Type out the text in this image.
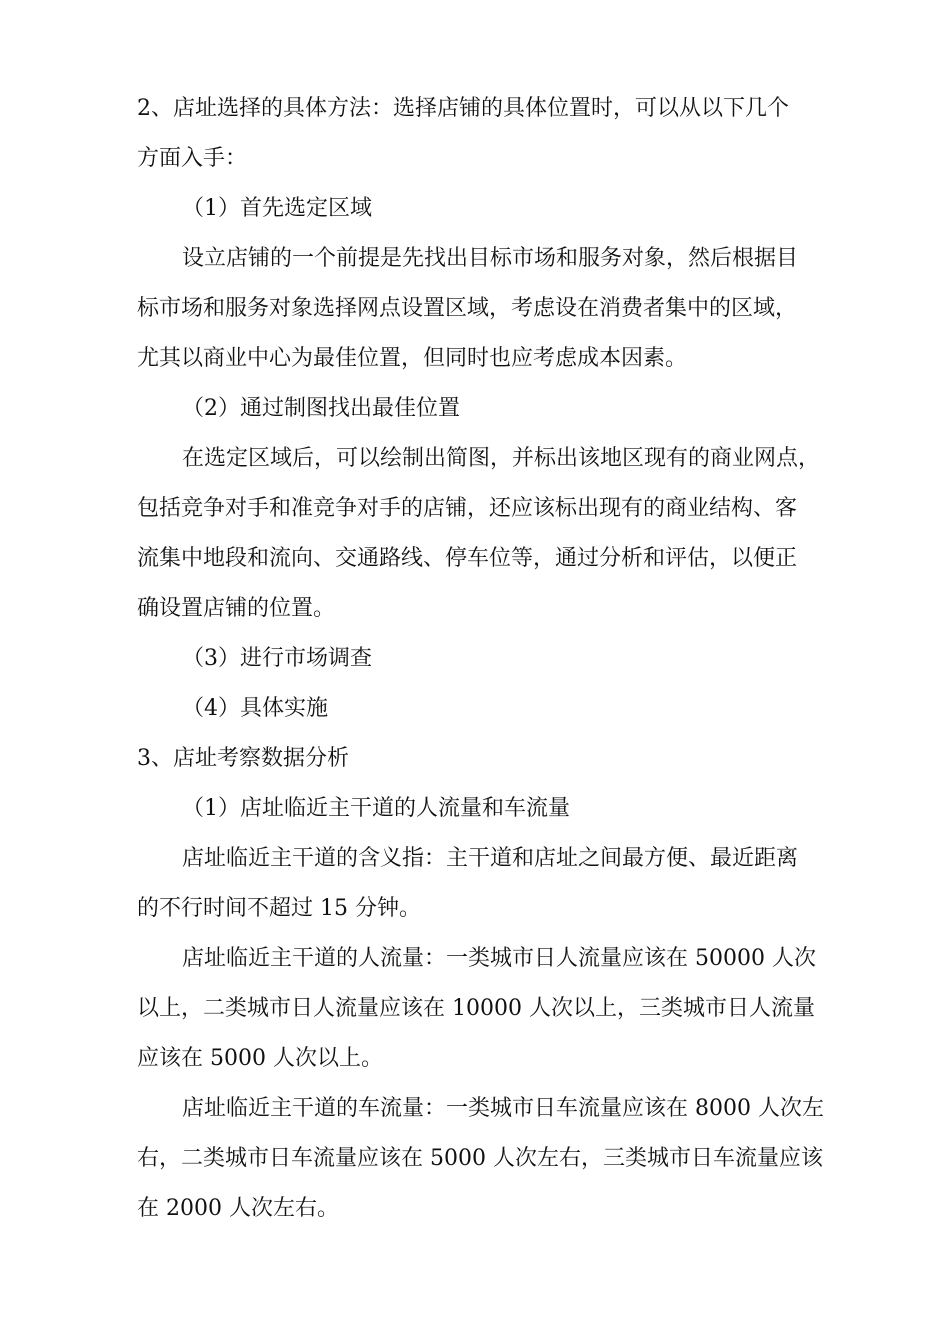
2、店址选择的具体方法：选择店铺的具体位置时，可以从以下几个
方面入手：
（1）首先选定区域
设立店铺的一个前提是先找出目标市场和服务对象，然后根据目
标市场和服务对象选择网点设置区域，考虑设在消费者集中的区域，
尤其以商业中心为最佳位置，但同时也应考虑成本因素。
（2）通过制图找出最佳位置
在选定区域后，可以绘制出简图，并标出该地区现有的商业网点，
包括竞争对手和准竞争对手的店铺，还应该标出现有的商业结构、客
流集中地段和流向、交通路线、停车位等，通过分析和评估，以便正
确设置店铺的位置。
（3）进行市场调查
（4）具体实施
3、店址考察数据分析
（1）店址临近主干道的人流量和车流量
店址临近主干道的含义指：主干道和店址之间最方便、最近距离
的不行时间不超过 15 分钟。
店址临近主干道的人流量：一类城市日人流量应该在 50000 人次
以上，二类城市日人流量应该在 10000 人次以上，三类城市日人流量
应该在 5000 人次以上。
店址临近主干道的车流量：一类城市日车流量应该在 8000 人次左
右，二类城市日车流量应该在 5000 人次左右，三类城市日车流量应该
在 2000 人次左右。
